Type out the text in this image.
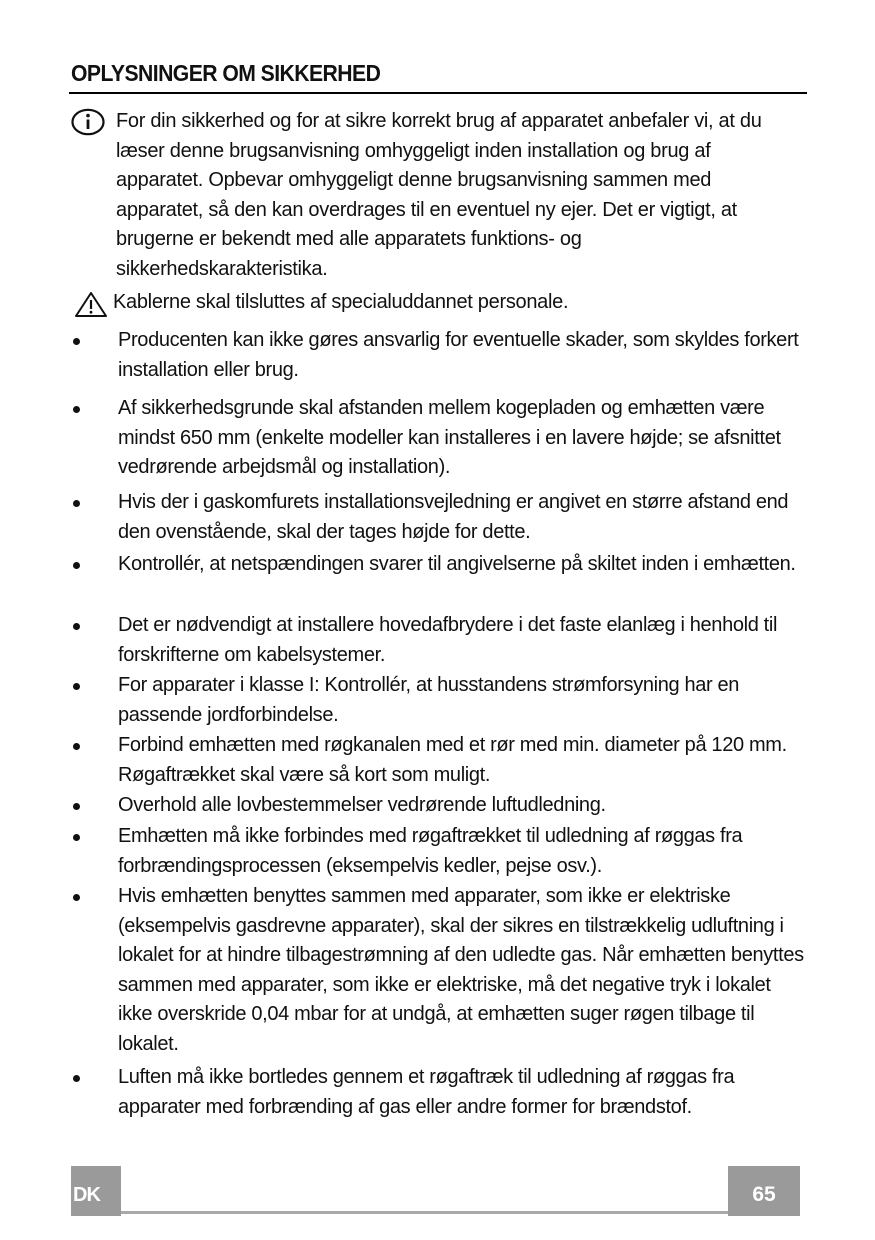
OPLYSNINGER OM SIKKERHED
For din sikkerhed og for at sikre korrekt brug af apparatet anbefaler vi, at du læser denne brugsanvisning omhyggeligt inden installation og brug af apparatet. Opbevar omhyggeligt denne brugsanvisning sammen med apparatet, så den kan overdrages til en eventuel ny ejer. Det er vigtigt, at brugerne er bekendt med alle apparatets funktions- og sikkerhedskarakteristika.
Kablerne skal tilsluttes af specialuddannet personale.
Producenten kan ikke gøres ansvarlig for eventuelle skader, som skyldes forkert installation eller brug.
Af sikkerhedsgrunde skal afstanden mellem kogepladen og emhætten være mindst 650 mm (enkelte modeller kan installeres i en lavere højde; se afsnittet vedrørende arbejdsmål og installation).
Hvis der i gaskomfurets installationsvejledning er angivet en større afstand end den ovenstående, skal der tages højde for dette.
Kontrollér, at netspændingen svarer til angivelserne på skiltet inden i emhætten.
Det er nødvendigt at installere hovedafbrydere i det faste elanlæg i henhold til forskrifterne om kabelsystemer.
For apparater i klasse I: Kontrollér, at husstandens strømforsyning har en passende jordforbindelse.
Forbind emhætten med røgkanalen med et rør med min. diameter på 120 mm. Røgaftrækket skal være så kort som muligt.
Overhold alle lovbestemmelser vedrørende luftudledning.
Emhætten må ikke forbindes med røgaftrækket til udledning af røggas fra forbrændingsprocessen (eksempelvis kedler, pejse osv.).
Hvis emhætten benyttes sammen med apparater, som ikke er elektriske (eksempelvis gasdrevne apparater), skal der sikres en tilstrækkelig udluftning i lokalet for at hindre tilbagestrømning af den udledte gas. Når emhætten benyttes sammen med apparater, som ikke er elektriske, må det negative tryk i lokalet ikke overskride 0,04 mbar for at undgå, at emhætten suger røgen tilbage til lokalet.
Luften må ikke bortledes gennem et røgaftræk til udledning af røggas fra apparater med forbrænding af gas eller andre former for brændstof.
DK	65
